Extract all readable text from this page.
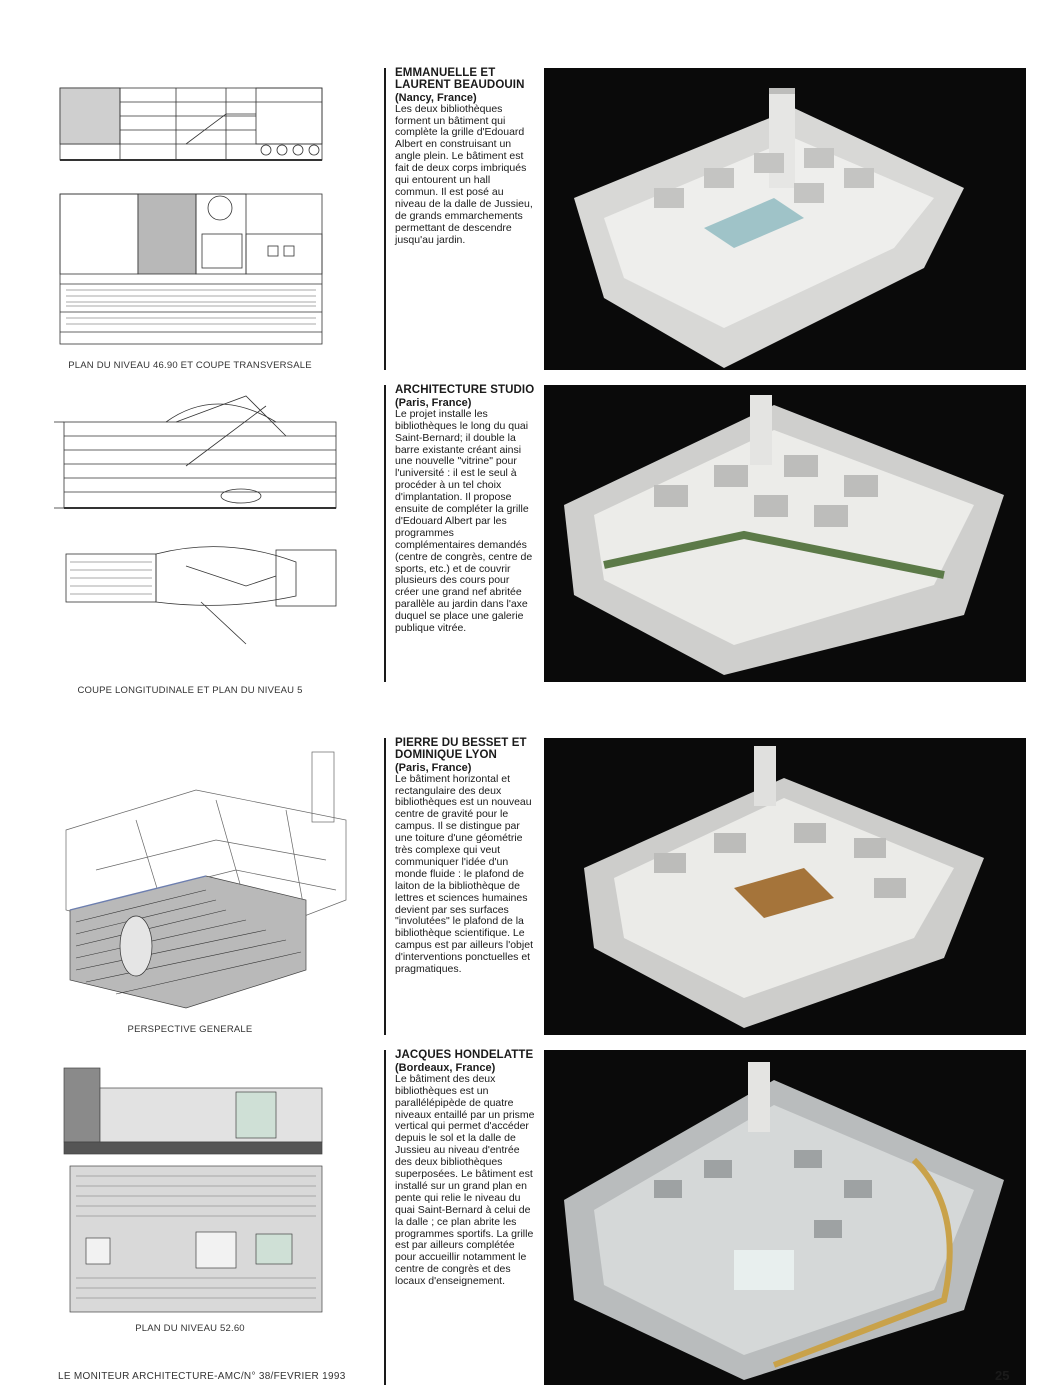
PLAN DU NIVEAU 46.90 ET COUPE TRANSVERSALE
COUPE LONGITUDINALE ET PLAN DU NIVEAU 5
PERSPECTIVE GENERALE
PLAN DU NIVEAU 52.60
EMMANUELLE ET LAURENT BEAUDOUIN
(Nancy, France)
Les deux bibliothèques forment un bâtiment qui complète la grille d'Edouard Albert en construisant un angle plein. Le bâtiment est fait de deux corps imbriqués qui entourent un hall commun. Il est posé au niveau de la dalle de Jussieu, de grands emmarchements permettant de descendre jusqu'au jardin.
ARCHITECTURE STUDIO
(Paris, France)
Le projet installe les bibliothèques le long du quai Saint-Bernard; il double la barre existante créant ainsi une nouvelle "vitrine" pour l'université : il est le seul à procéder à un tel choix d'implantation. Il propose ensuite de compléter la grille d'Edouard Albert par les programmes complémentaires demandés (centre de congrès, centre de sports, etc.) et de couvrir plusieurs des cours pour créer une grand nef abritée parallèle au jardin dans l'axe duquel se place une galerie publique vitrée.
PIERRE DU BESSET ET DOMINIQUE LYON
(Paris, France)
Le bâtiment horizontal et rectangulaire des deux bibliothèques est un nouveau centre de gravité pour le campus. Il se distingue par une toiture d'une géométrie très complexe qui veut communiquer l'idée d'un monde fluide : le plafond de laiton de la bibliothèque de lettres et sciences humaines devient par ses surfaces "involutées" le plafond de la bibliothèque scientifique. Le campus est par ailleurs l'objet d'interventions ponctuelles et pragmatiques.
JACQUES HONDELATTE
(Bordeaux, France)
Le bâtiment des deux bibliothèques est un parallélépipède de quatre niveaux entaillé par un prisme vertical qui permet d'accéder depuis le sol et la dalle de Jussieu au niveau d'entrée des deux bibliothèques superposées. Le bâtiment est installé sur un grand plan en pente qui relie le niveau du quai Saint-Bernard à celui de la dalle ; ce plan abrite les programmes sportifs. La grille est par ailleurs complétée pour accueillir notamment le centre de congrès et des locaux d'enseignement.
LE MONITEUR ARCHITECTURE-AMC/N° 38/FEVRIER 1993	25
